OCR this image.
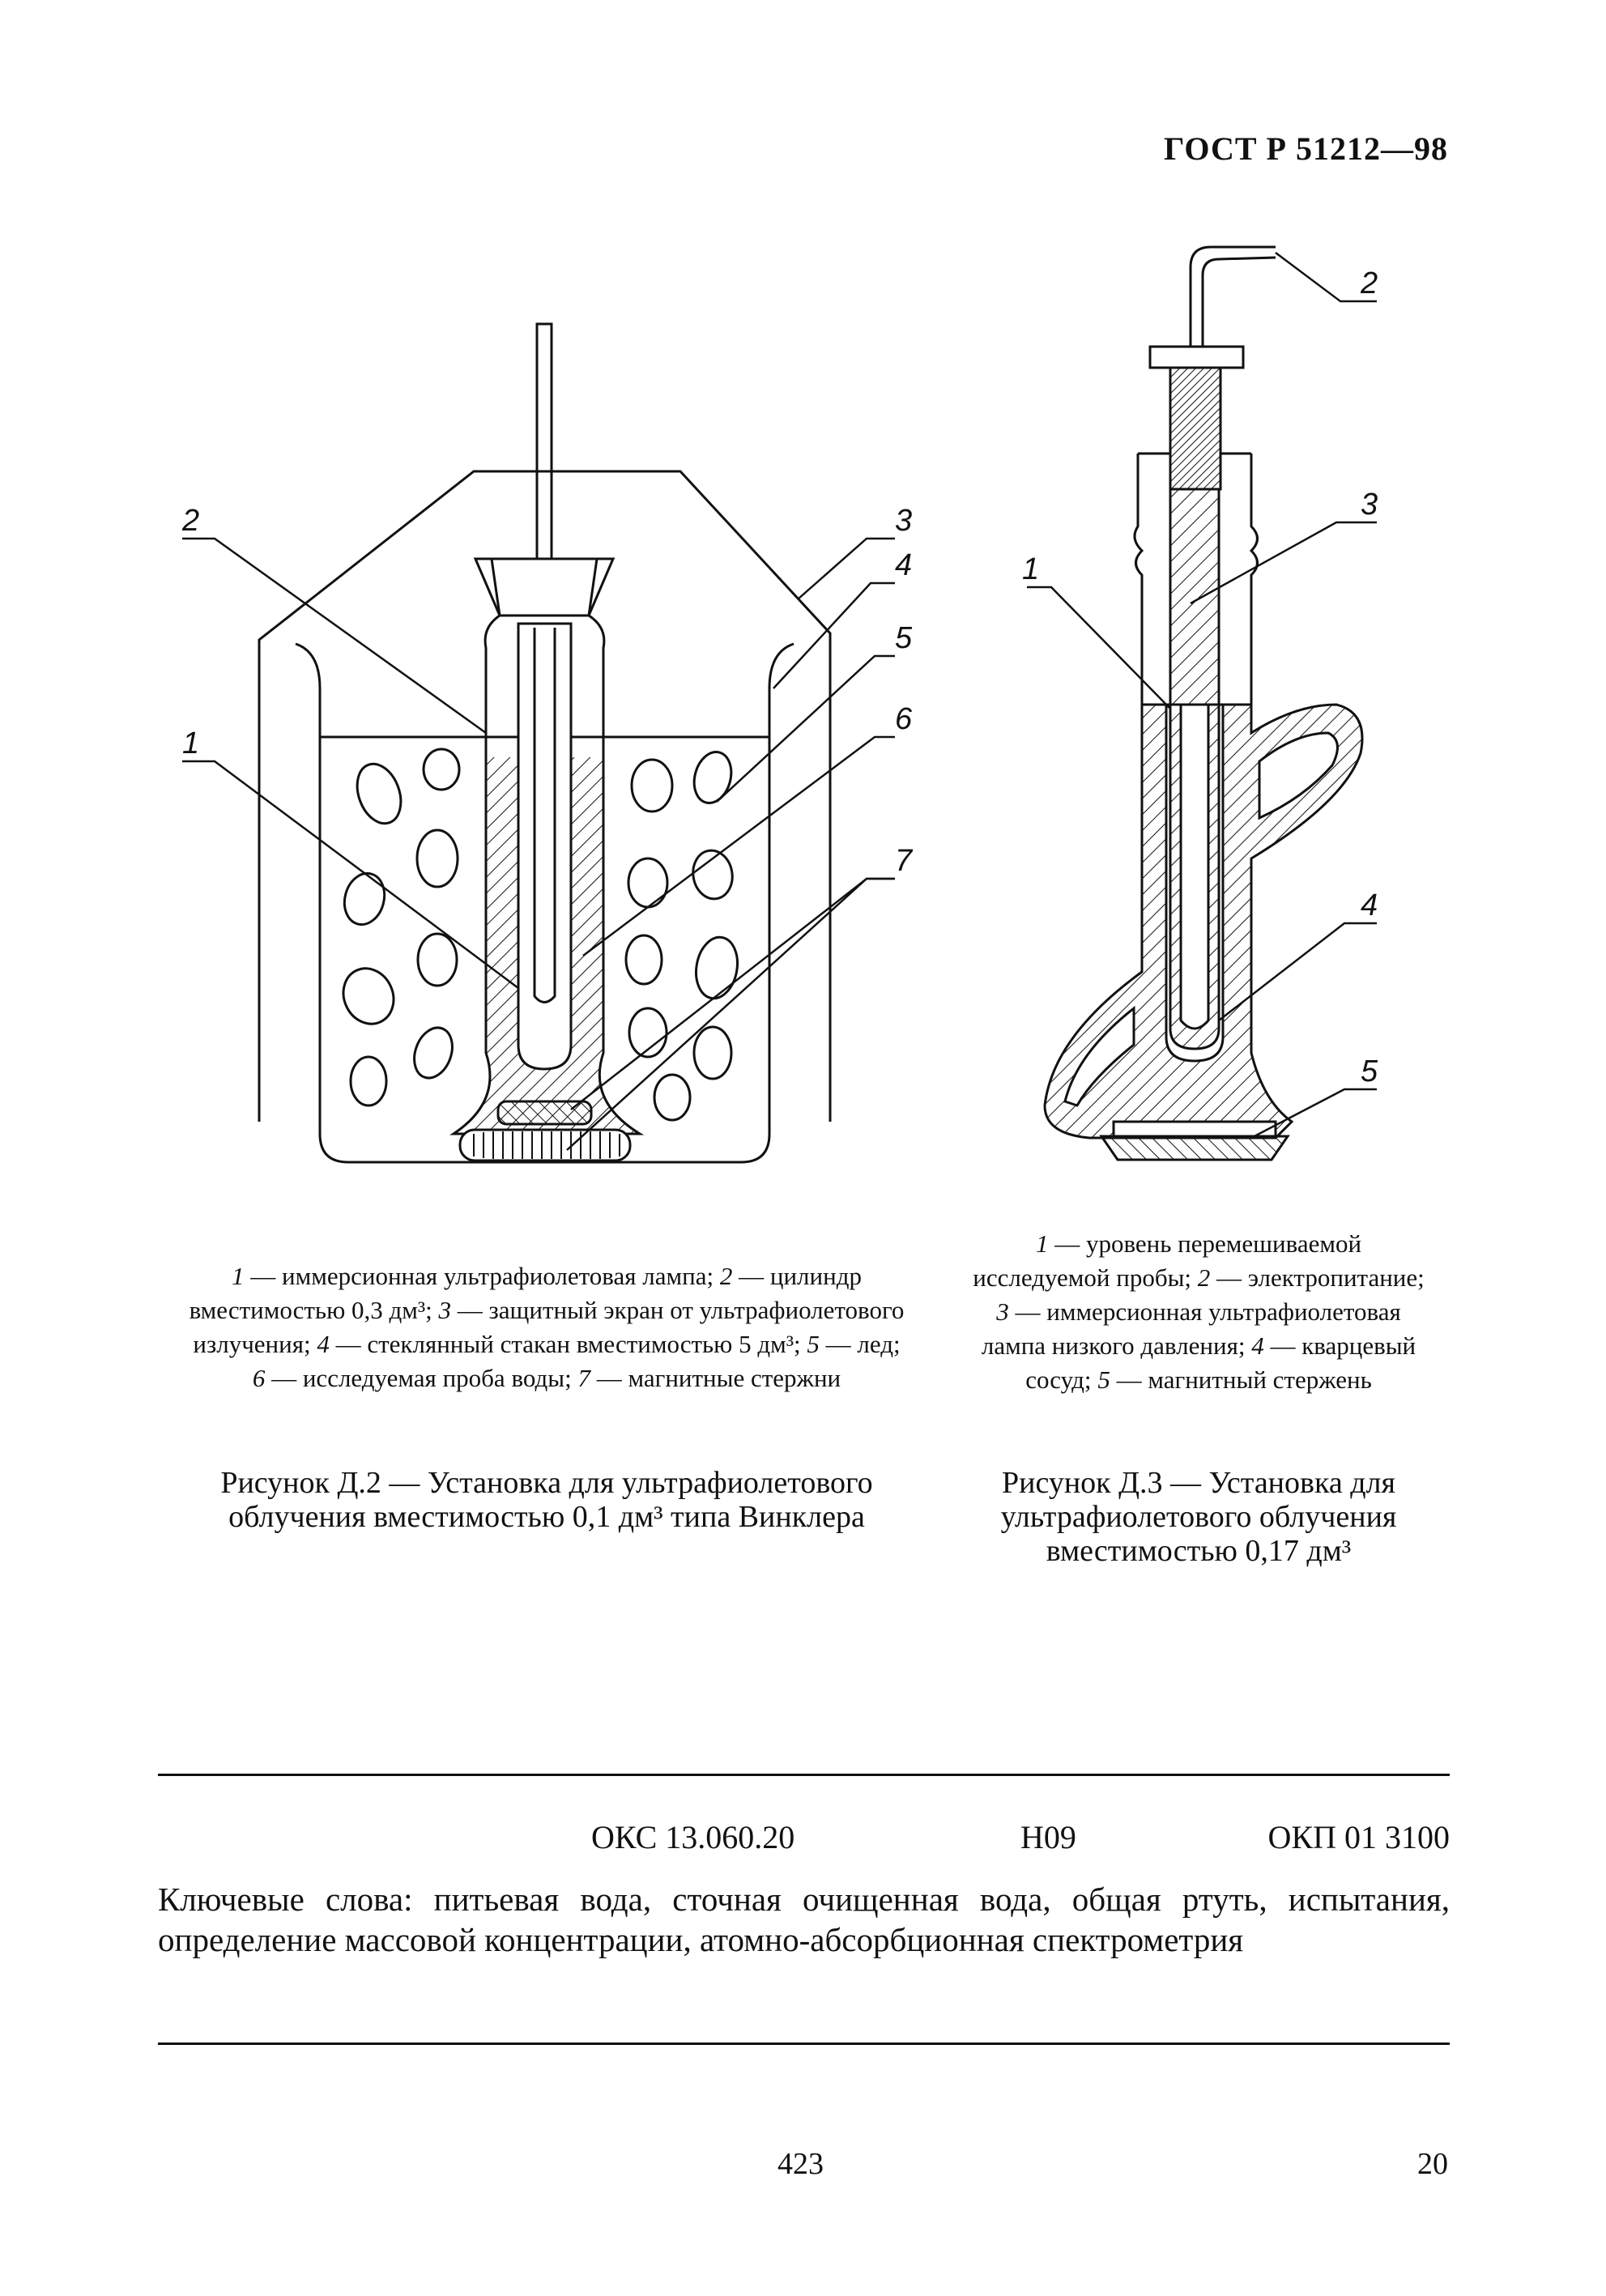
ГОСТ Р 51212—98
2
1
3
4
5
6
7
2
3
1
4
5
1 — иммерсионная ультрафиолетовая лампа; 2 — цилиндр вместимостью 0,3 дм³; 3 — защитный экран от ультрафиолетового излучения; 4 — стеклянный стакан вместимостью 5 дм³; 5 — лед; 6 — исследуемая проба воды; 7 — магнитные стержни
1 — уровень перемешиваемой исследуемой пробы; 2 — электропитание; 3 — иммерсионная ультрафиолетовая лампа низкого давления; 4 — кварцевый сосуд; 5 — магнитный стержень
Рисунок Д.2 — Установка для ультрафиолетового облучения вместимостью 0,1 дм³ типа Винклера
Рисунок Д.3 — Установка для ультрафиолетового облучения вместимостью 0,17 дм³
ОКС 13.060.20	Н09	ОКП 01 3100
Ключевые слова: питьевая вода, сточная очищенная вода, общая ртуть, испытания, определение массовой концентрации, атомно-абсорбционная спектрометрия
423	20
